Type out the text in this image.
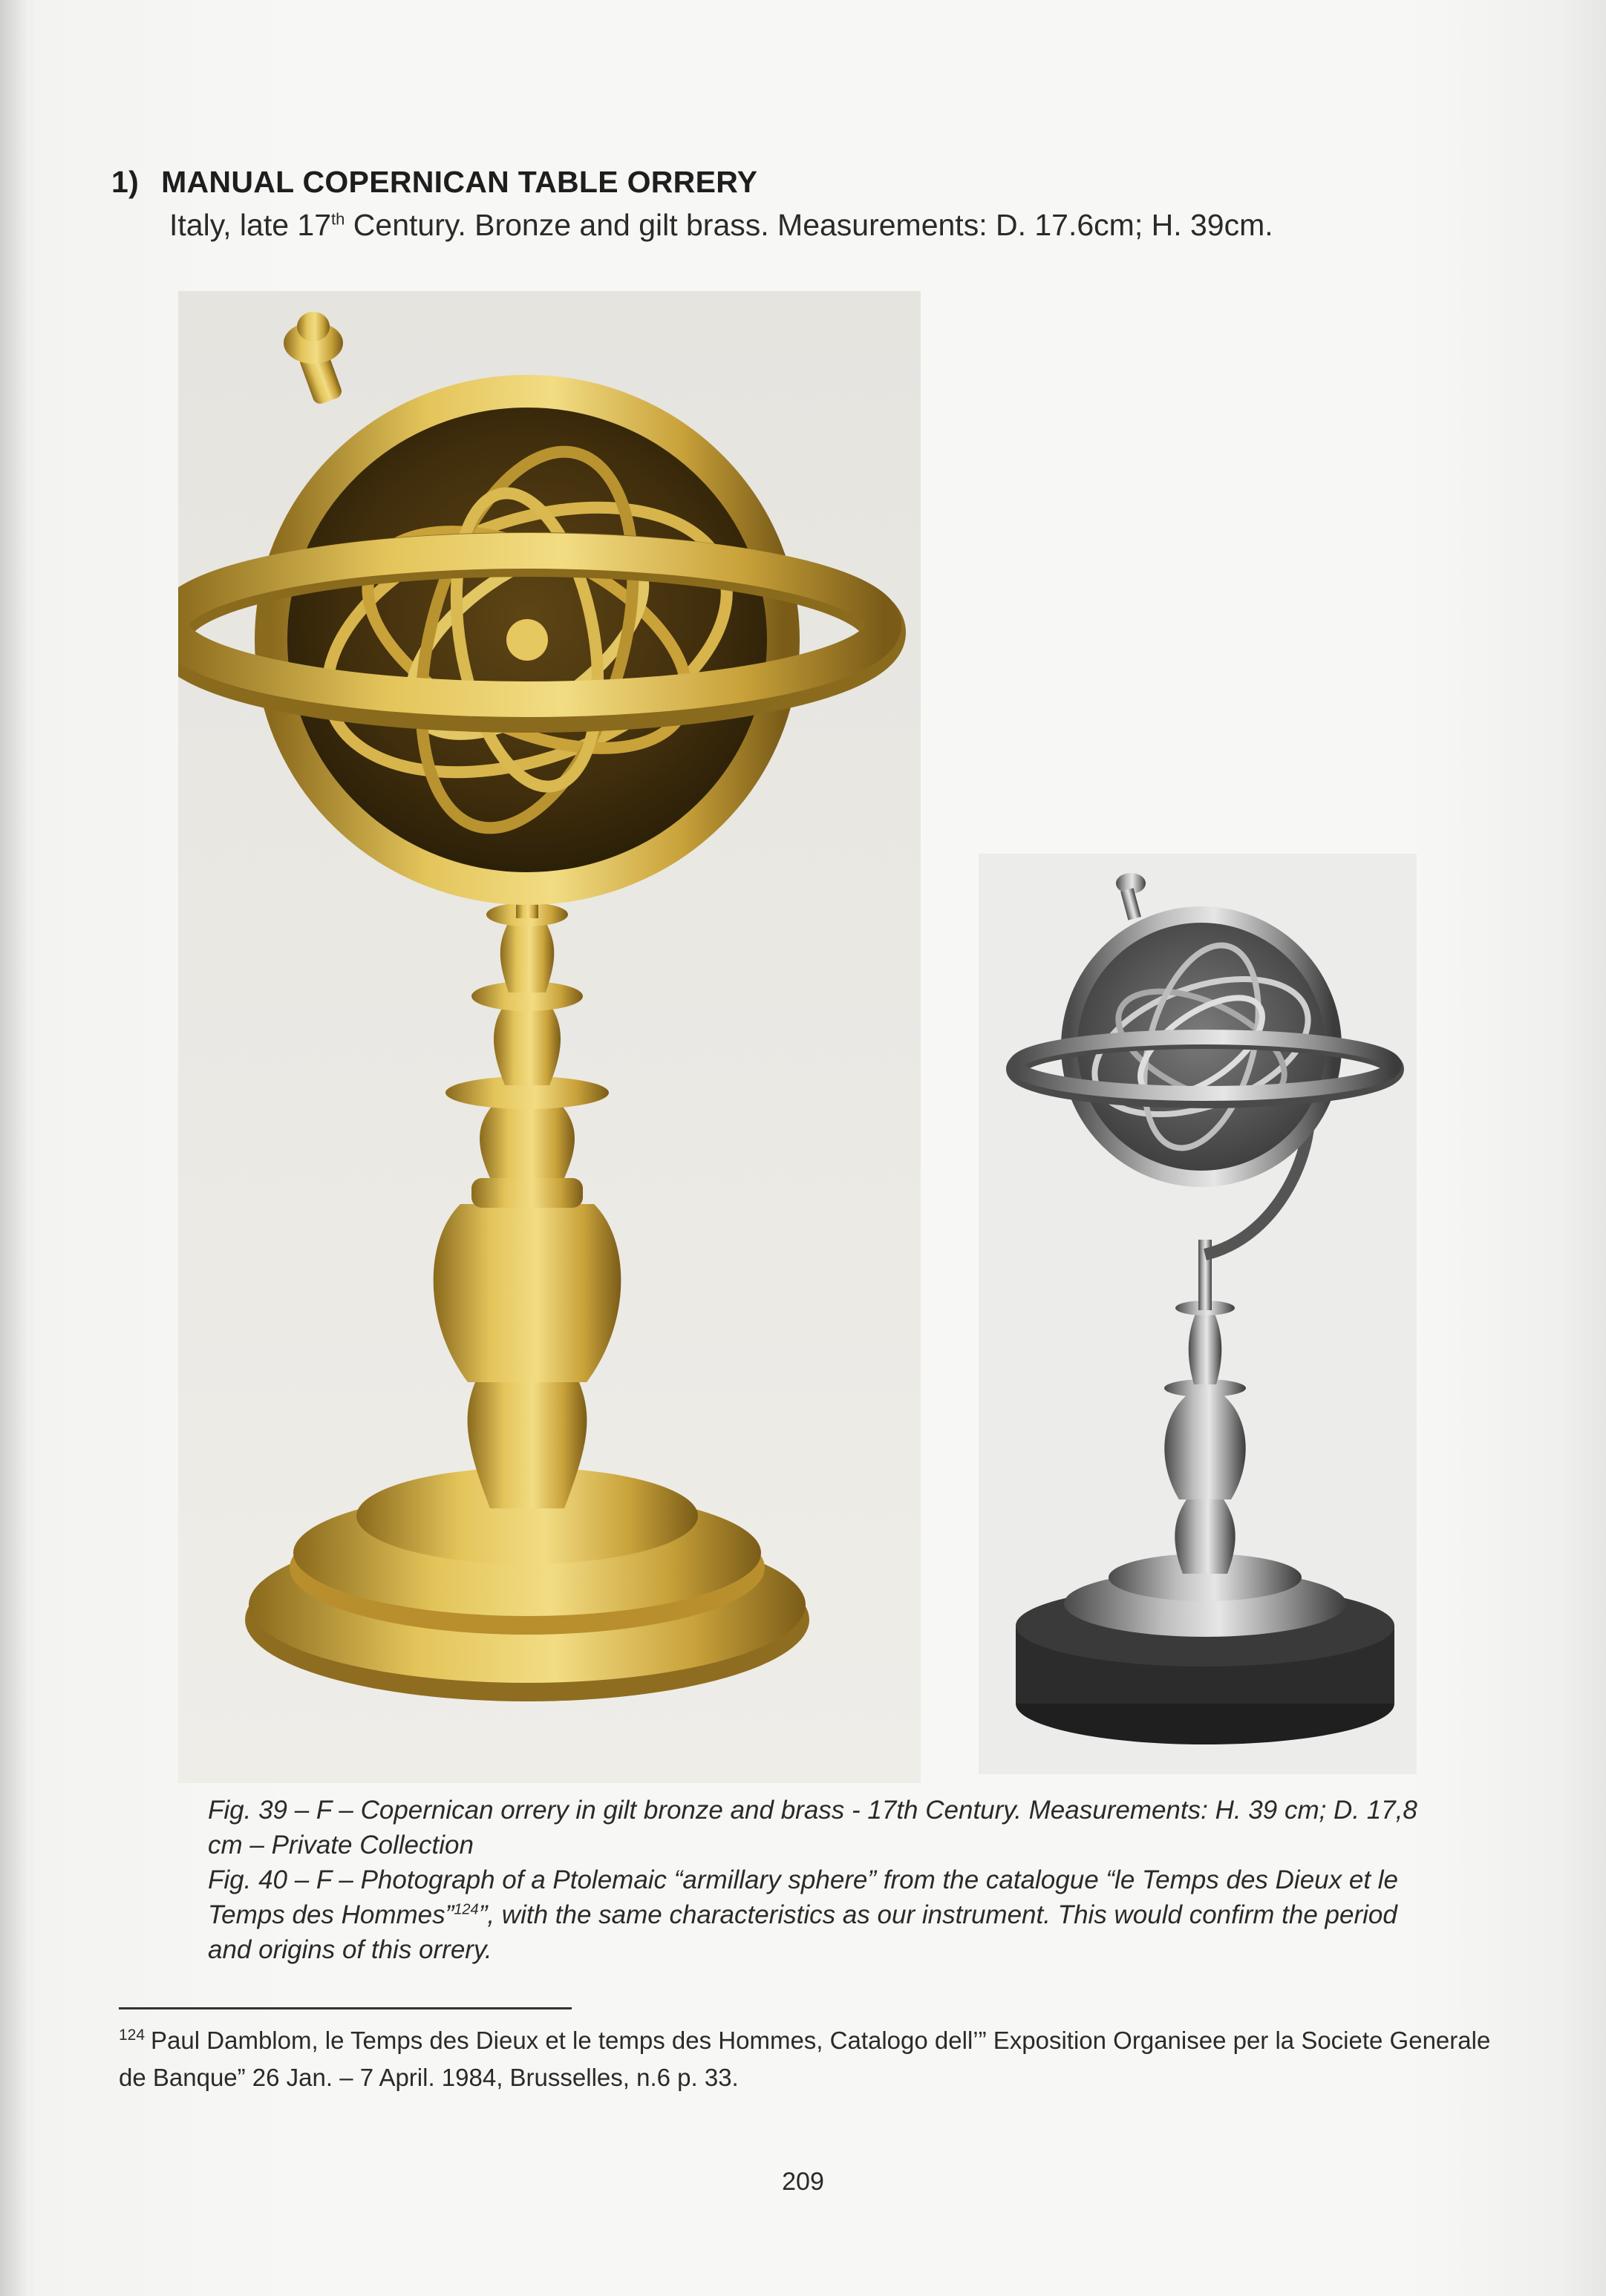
1) MANUAL COPERNICAN TABLE ORRERY
Italy, late 17th Century. Bronze and gilt brass. Measurements: D. 17.6cm; H. 39cm.

Fig. 39 – F – Copernican orrery in gilt bronze and brass - 17th Century. Measurements: H. 39 cm; D. 17,8 cm – Private Collection

Fig. 40 – F – Photograph of a Ptolemaic “armillary sphere” from the catalogue “le Temps des Dieux et le Temps des Hommes”$^{124}$”, with the same characteristics as our instrument. This would confirm the period and origins of this orrery.

$^{124}$ Paul Damblom, le Temps des Dieux et le temps des Hommes, Catalogo dell’” Exposition Organisee per la Societe Generale de Banque” 26 Jan. – 7 April. 1984, Brusselles, n.6 p. 33.
209
